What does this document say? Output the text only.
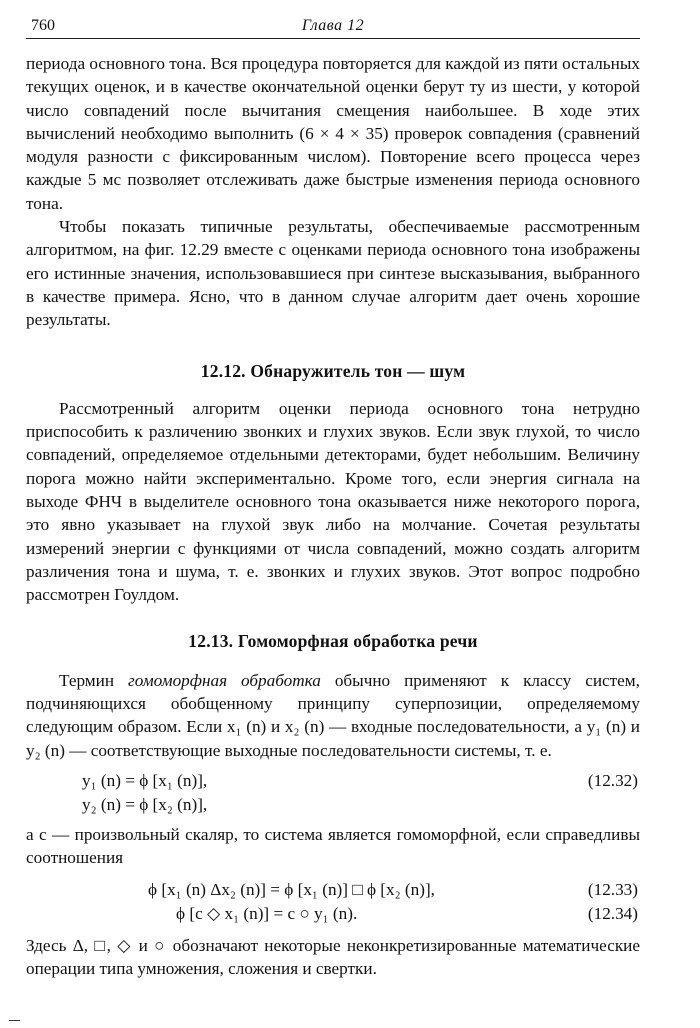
760	Глава 12

периода основного тона. Вся процедура повторяется для каждой из пяти остальных текущих оценок, и в качестве окончательной оценки берут ту из шести, у которой число совпадений после вычитания смещения наибольшее. В ходе этих вычислений необходимо выполнить (6 × 4 × 35) проверок совпадения (сравнений модуля разности с фиксированным числом). Повторение всего процесса через каждые 5 мс позволяет отслеживать даже быстрые изменения периода основного тона.

Чтобы показать типичные результаты, обеспечиваемые рассмотренным алгоритмом, на фиг. 12.29 вместе с оценками периода основного тона изображены его истинные значения, использовавшиеся при синтезе высказывания, выбранного в качестве примера. Ясно, что в данном случае алгоритм дает очень хорошие результаты.

12.12. Обнаружитель тон — шум

Рассмотренный алгоритм оценки периода основного тона нетрудно приспособить к различению звонких и глухих звуков. Если звук глухой, то число совпадений, определяемое отдельными детекторами, будет небольшим. Величину порога можно найти экспериментально. Кроме того, если энергия сигнала на выходе ФНЧ в выделителе основного тона оказывается ниже некоторого порога, это явно указывает на глухой звук либо на молчание. Сочетая результаты измерений энергии с функциями от числа совпадений, можно создать алгоритм различения тона и шума, т. е. звонких и глухих звуков. Этот вопрос подробно рассмотрен Гоулдом.

12.13. Гомоморфная обработка речи

Термин гомоморфная обработка обычно применяют к классу систем, подчиняющихся обобщенному принципу суперпозиции, определяемому следующим образом. Если x₁ (n) и x₂ (n) — входные последовательности, а y₁ (n) и y₂ (n) — соответствующие выходные последовательности системы, т. е.

y₁ (n) = ϕ [x₁ (n)],	(12.32)
y₂ (n) = ϕ [x₂ (n)],

а c — произвольный скаляр, то система является гомоморфной, если справедливы соотношения

ϕ [x₁ (n) Δx₂ (n)] = ϕ [x₁ (n)] □ ϕ [x₂ (n)],	(12.33)
ϕ [c ◇ x₁ (n)] = c ○ y₁ (n).	(12.34)

Здесь Δ, □, ◇ и ○ обозначают некоторые неконкретизированные математические операции типа умножения, сложения и свертки.
